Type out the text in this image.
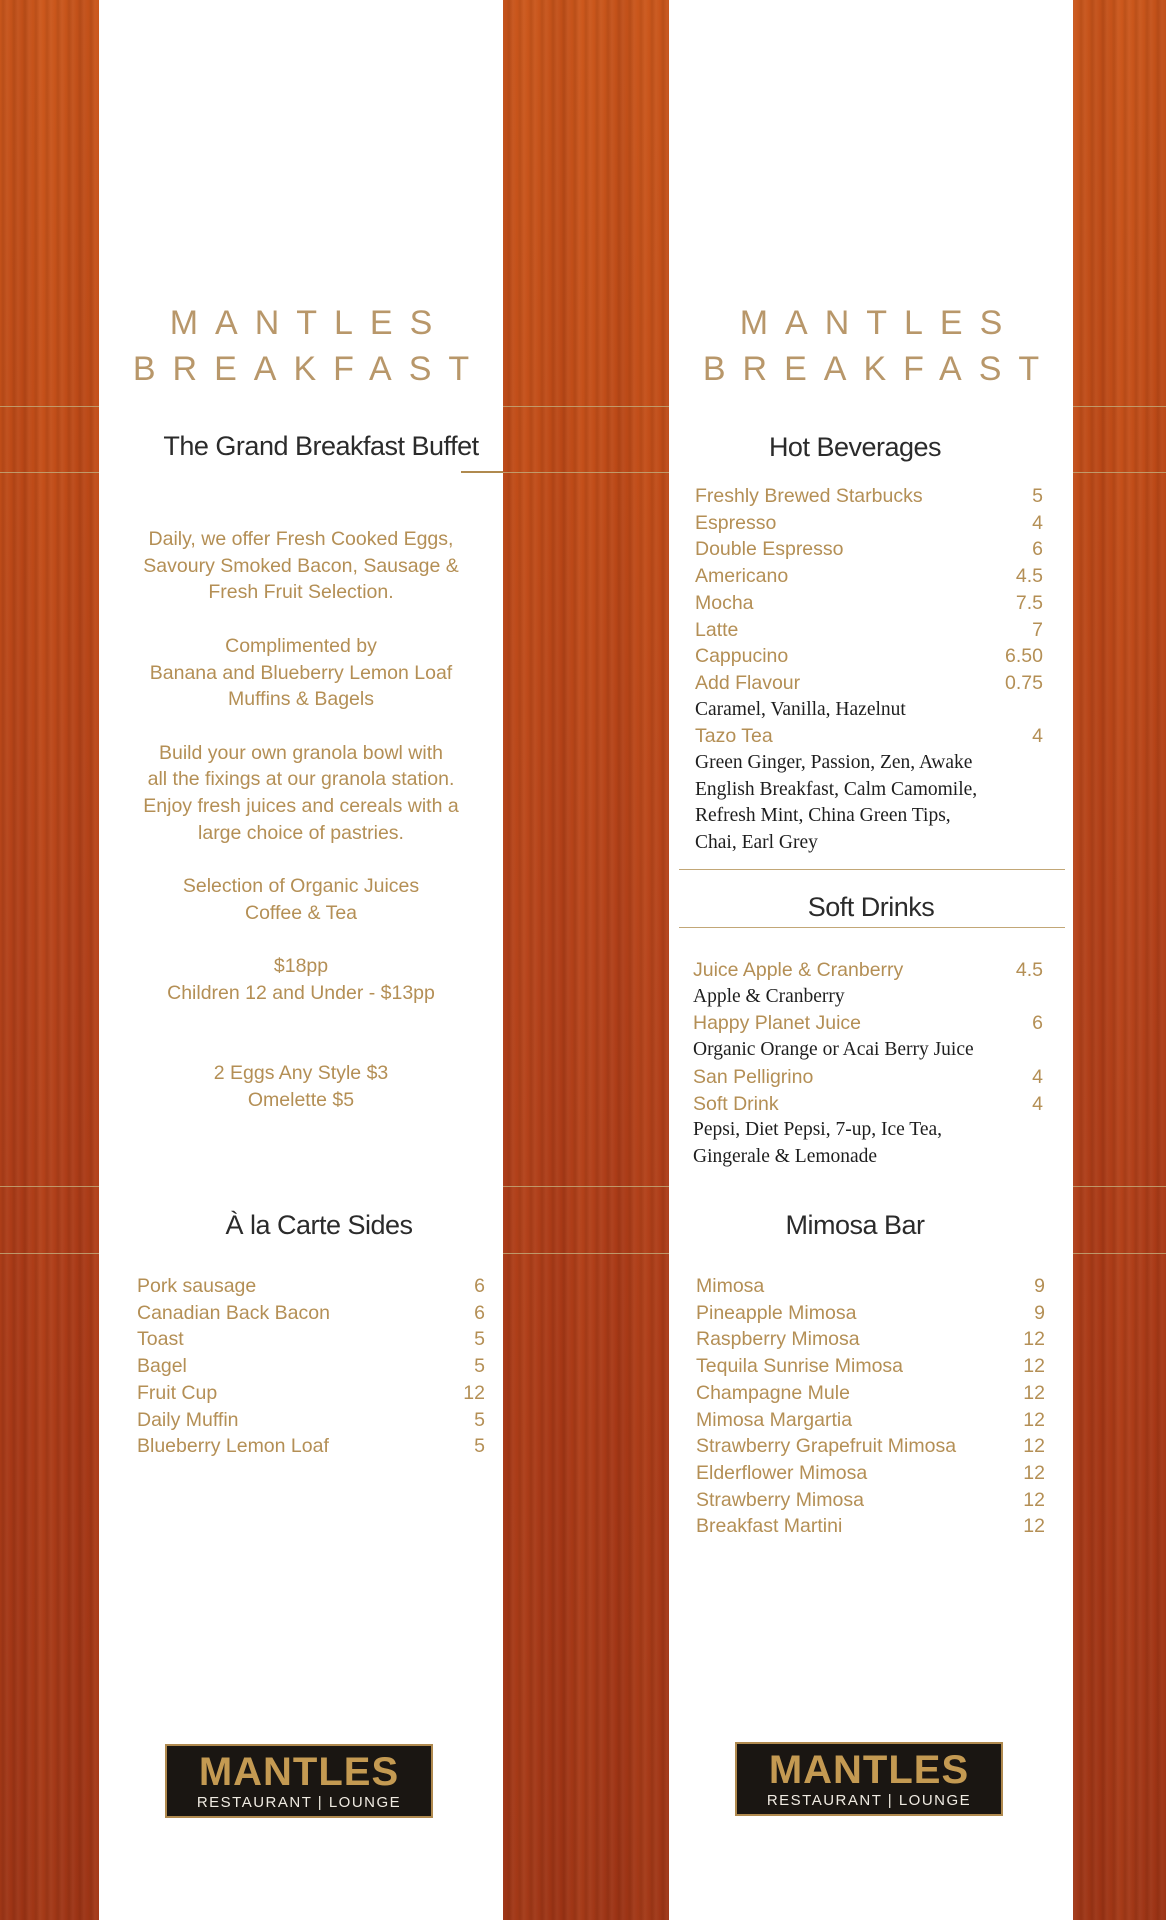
MANTLES
BREAKFAST
The Grand Breakfast Buffet

Daily, we offer Fresh Cooked Eggs,
Savoury Smoked Bacon, Sausage &
Fresh Fruit Selection.

Complimented by
Banana and Blueberry Lemon Loaf
Muffins & Bagels

Build your own granola bowl with
all the fixings at our granola station.
Enjoy fresh juices and cereals with a
large choice of pastries.

Selection of Organic Juices
Coffee & Tea

$18pp
Children 12 and Under - $13pp

2 Eggs Any Style $3
Omelette $5
À la Carte Sides
Pork sausage	6
Canadian Back Bacon	6
Toast	5
Bagel	5
Fruit Cup	12
Daily Muffin	5
Blueberry Lemon Loaf	5
MANTLES
RESTAURANT | LOUNGE
MANTLES
BREAKFAST
Hot Beverages
Freshly Brewed Starbucks	5
Espresso	4
Double Espresso	6
Americano	4.5
Mocha	7.5
Latte	7
Cappucino	6.50
Add Flavour	0.75
Caramel, Vanilla, Hazelnut
Tazo Tea	4
Green Ginger, Passion, Zen, Awake
English Breakfast, Calm Camomile,
Refresh Mint, China Green Tips,
Chai, Earl Grey
Soft Drinks
Juice Apple & Cranberry	4.5
Apple & Cranberry
Happy Planet Juice	6
Organic Orange or Acai Berry Juice
San Pelligrino	4
Soft Drink	4
Pepsi, Diet Pepsi, 7-up, Ice Tea,
Gingerale & Lemonade
Mimosa Bar
Mimosa	9
Pineapple Mimosa	9
Raspberry Mimosa	12
Tequila Sunrise Mimosa	12
Champagne Mule	12
Mimosa Margartia	12
Strawberry Grapefruit Mimosa	12
Elderflower Mimosa	12
Strawberry Mimosa	12
Breakfast Martini	12
MANTLES
RESTAURANT | LOUNGE
